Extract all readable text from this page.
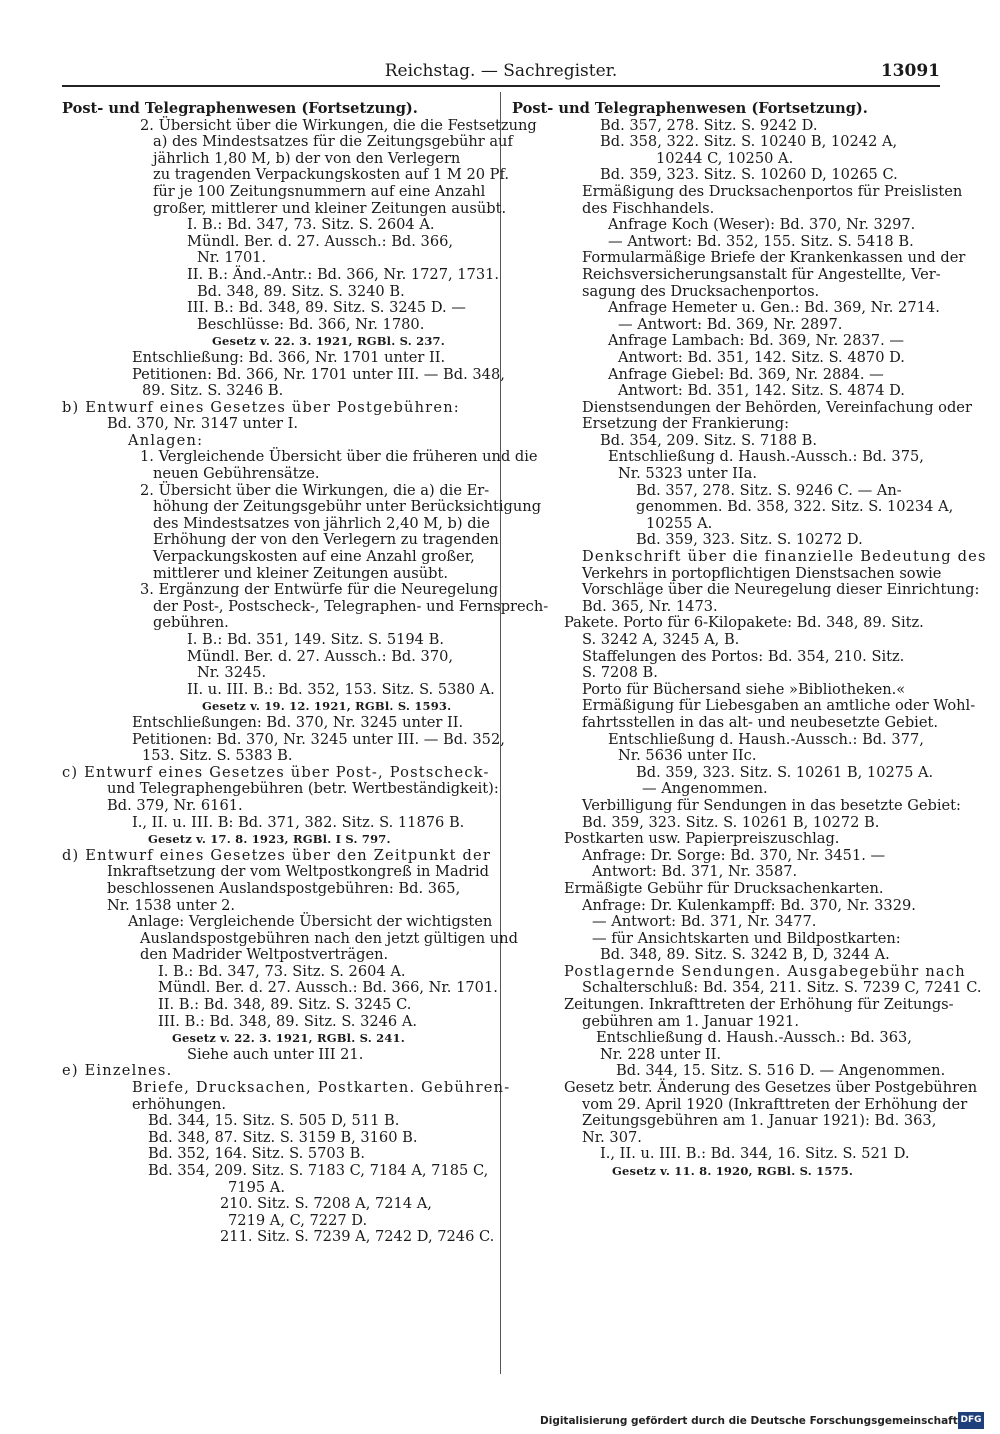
Reichstag. — Sachregister.	13091
Post- und Telegraphenwesen (Fortsetzung).
2. Übersicht über die Wirkungen, die die Festsetzung
a) des Mindestsatzes für die Zeitungsgebühr auf
jährlich 1,80 M, b) der von den Verlegern
zu tragenden Verpackungskosten auf 1 M 20 Pf.
für je 100 Zeitungsnummern auf eine Anzahl
großer, mittlerer und kleiner Zeitungen ausübt.
I. B.: Bd. 347, 73. Sitz. S. 2604 A.
Mündl. Ber. d. 27. Aussch.: Bd. 366,
Nr. 1701.
II. B.: Änd.-Antr.: Bd. 366, Nr. 1727, 1731.
Bd. 348, 89. Sitz. S. 3240 B.
III. B.: Bd. 348, 89. Sitz. S. 3245 D. —
Beschlüsse: Bd. 366, Nr. 1780.
Gesetz v. 22. 3. 1921, RGBl. S. 237.
Entschließung: Bd. 366, Nr. 1701 unter II.
Petitionen: Bd. 366, Nr. 1701 unter III. — Bd. 348,
89. Sitz. S. 3246 B.
b) Entwurf eines Gesetzes über Postgebühren:
Bd. 370, Nr. 3147 unter I.
Anlagen:
1. Vergleichende Übersicht über die früheren und die
neuen Gebührensätze.
2. Übersicht über die Wirkungen, die a) die Er-
höhung der Zeitungsgebühr unter Berücksichtigung
des Mindestsatzes von jährlich 2,40 M, b) die
Erhöhung der von den Verlegern zu tragenden
Verpackungskosten auf eine Anzahl großer,
mittlerer und kleiner Zeitungen ausübt.
3. Ergänzung der Entwürfe für die Neuregelung
der Post-, Postscheck-, Telegraphen- und Fernsprech-
gebühren.
I. B.: Bd. 351, 149. Sitz. S. 5194 B.
Mündl. Ber. d. 27. Aussch.: Bd. 370,
Nr. 3245.
II. u. III. B.: Bd. 352, 153. Sitz. S. 5380 A.
Gesetz v. 19. 12. 1921, RGBl. S. 1593.
Entschließungen: Bd. 370, Nr. 3245 unter II.
Petitionen: Bd. 370, Nr. 3245 unter III. — Bd. 352,
153. Sitz. S. 5383 B.
c) Entwurf eines Gesetzes über Post-, Postscheck-
und Telegraphengebühren (betr. Wertbeständigkeit):
Bd. 379, Nr. 6161.
I., II. u. III. B: Bd. 371, 382. Sitz. S. 11876 B.
Gesetz v. 17. 8. 1923, RGBl. I S. 797.
d) Entwurf eines Gesetzes über den Zeitpunkt der
Inkraftsetzung der vom Weltpostkongreß in Madrid
beschlossenen Auslandspostgebühren: Bd. 365,
Nr. 1538 unter 2.
Anlage: Vergleichende Übersicht der wichtigsten
Auslandspostgebühren nach den jetzt gültigen und
den Madrider Weltpostverträgen.
I. B.: Bd. 347, 73. Sitz. S. 2604 A.
Mündl. Ber. d. 27. Aussch.: Bd. 366, Nr. 1701.
II. B.: Bd. 348, 89. Sitz. S. 3245 C.
III. B.: Bd. 348, 89. Sitz. S. 3246 A.
Gesetz v. 22. 3. 1921, RGBl. S. 241.
Siehe auch unter III 21.
e) Einzelnes.
Briefe, Drucksachen, Postkarten. Gebühren-
erhöhungen.
Bd. 344, 15. Sitz. S. 505 D, 511 B.
Bd. 348, 87. Sitz. S. 3159 B, 3160 B.
Bd. 352, 164. Sitz. S. 5703 B.
Bd. 354, 209. Sitz. S. 7183 C, 7184 A, 7185 C,
7195 A.
210. Sitz. S. 7208 A, 7214 A,
7219 A, C, 7227 D.
211. Sitz. S. 7239 A, 7242 D, 7246 C.
Post- und Telegraphenwesen (Fortsetzung).
Bd. 357, 278. Sitz. S. 9242 D.
Bd. 358, 322. Sitz. S. 10240 B, 10242 A,
10244 C, 10250 A.
Bd. 359, 323. Sitz. S. 10260 D, 10265 C.
Ermäßigung des Drucksachenportos für Preislisten
des Fischhandels.
Anfrage Koch (Weser): Bd. 370, Nr. 3297.
— Antwort: Bd. 352, 155. Sitz. S. 5418 B.
Formularmäßige Briefe der Krankenkassen und der
Reichsversicherungsanstalt für Angestellte, Ver-
sagung des Drucksachenportos.
Anfrage Hemeter u. Gen.: Bd. 369, Nr. 2714.
— Antwort: Bd. 369, Nr. 2897.
Anfrage Lambach: Bd. 369, Nr. 2837. —
Antwort: Bd. 351, 142. Sitz. S. 4870 D.
Anfrage Giebel: Bd. 369, Nr. 2884. —
Antwort: Bd. 351, 142. Sitz. S. 4874 D.
Dienstsendungen der Behörden, Vereinfachung oder
Ersetzung der Frankierung:
Bd. 354, 209. Sitz. S. 7188 B.
Entschließung d. Haush.-Aussch.: Bd. 375,
Nr. 5323 unter IIa.
Bd. 357, 278. Sitz. S. 9246 C. — An-
genommen. Bd. 358, 322. Sitz. S. 10234 A,
10255 A.
Bd. 359, 323. Sitz. S. 10272 D.
Denkschrift über die finanzielle Bedeutung des
Verkehrs in portopflichtigen Dienstsachen sowie
Vorschläge über die Neuregelung dieser Einrichtung:
Bd. 365, Nr. 1473.
Pakete. Porto für 6-Kilopakete: Bd. 348, 89. Sitz.
S. 3242 A, 3245 A, B.
Staffelungen des Portos: Bd. 354, 210. Sitz.
S. 7208 B.
Porto für Büchersand siehe »Bibliotheken.«
Ermäßigung für Liebesgaben an amtliche oder Wohl-
fahrtsstellen in das alt- und neubesetzte Gebiet.
Entschließung d. Haush.-Aussch.: Bd. 377,
Nr. 5636 unter IIc.
Bd. 359, 323. Sitz. S. 10261 B, 10275 A.
— Angenommen.
Verbilligung für Sendungen in das besetzte Gebiet:
Bd. 359, 323. Sitz. S. 10261 B, 10272 B.
Postkarten usw. Papierpreiszuschlag.
Anfrage: Dr. Sorge: Bd. 370, Nr. 3451. —
Antwort: Bd. 371, Nr. 3587.
Ermäßigte Gebühr für Drucksachenkarten.
Anfrage: Dr. Kulenkampff: Bd. 370, Nr. 3329.
— Antwort: Bd. 371, Nr. 3477.
— für Ansichtskarten und Bildpostkarten:
Bd. 348, 89. Sitz. S. 3242 B, D, 3244 A.
Postlagernde Sendungen. Ausgabegebühr nach
Schalterschluß: Bd. 354, 211. Sitz. S. 7239 C, 7241 C.
Zeitungen. Inkrafttreten der Erhöhung für Zeitungs-
gebühren am 1. Januar 1921.
Entschließung d. Haush.-Aussch.: Bd. 363,
Nr. 228 unter II.
Bd. 344, 15. Sitz. S. 516 D. — Angenommen.
Gesetz betr. Änderung des Gesetzes über Postgebühren
vom 29. April 1920 (Inkrafttreten der Erhöhung der
Zeitungsgebühren am 1. Januar 1921): Bd. 363,
Nr. 307.
I., II. u. III. B.: Bd. 344, 16. Sitz. S. 521 D.
Gesetz v. 11. 8. 1920, RGBl. S. 1575.
Digitalisierung gefördert durch die Deutsche Forschungsgemeinschaft DFG
